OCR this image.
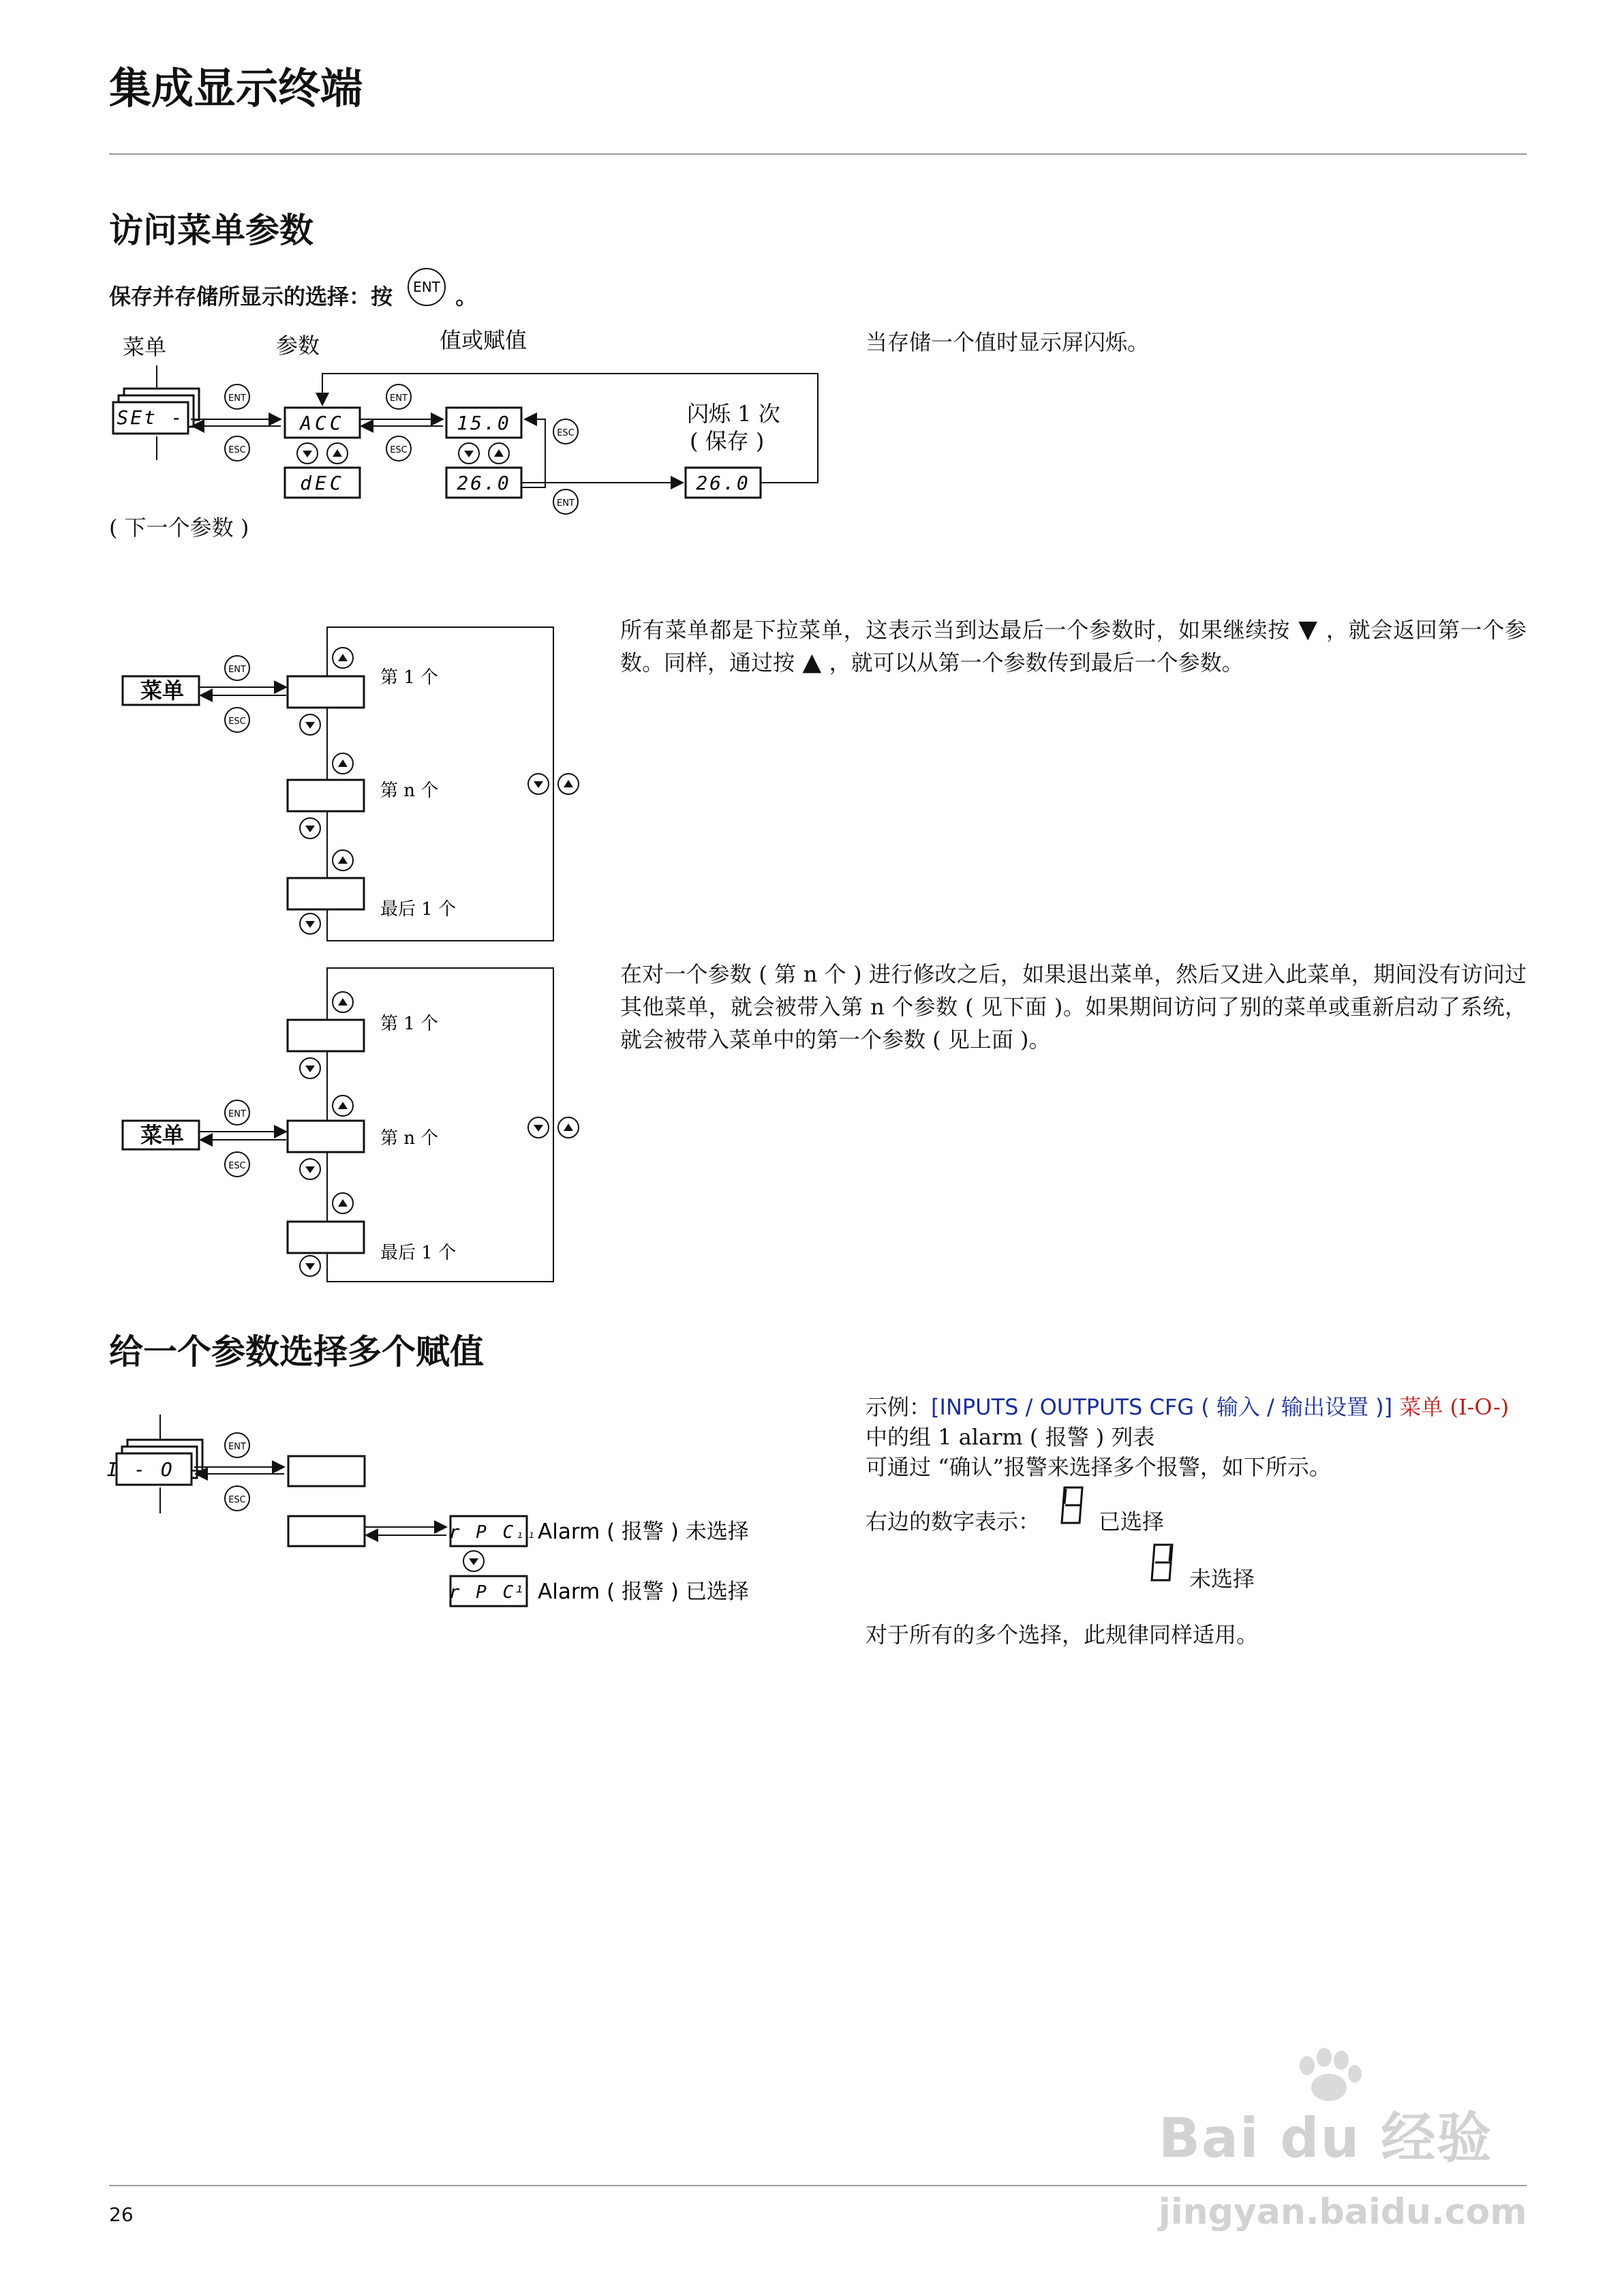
集成显示终端
访问菜单参数
保存并存储所显示的选择：按 ENT 。
菜单	参数	值或赋值
SEt -
ENT
ESC
ACC
dEC
ENT
ESC
15.0
26.0
ESC
ENT
闪烁 1 次
( 保存 )
26.0
( 下一个参数 )
当存储一个值时显示屏闪烁。
菜单
ENT
ESC
第 1 个
第 n 个
最后 1 个
所有菜单都是下拉菜单，这表示当到达最后一个参数时，如果继续按 ▼ ，就会返回第一个参数。同样，通过按 ▲ ，就可以从第一个参数传到最后一个参数。
第 1 个
第 n 个
菜单
ENT
ESC
最后 1 个
在对一个参数 ( 第 n 个 ) 进行修改之后，如果退出菜单，然后又进入此菜单，期间没有访问过其他菜单，就会被带入第 n 个参数 ( 见下面 )。如果期间访问了别的菜单或重新启动了系统，就会被带入菜单中的第一个参数 ( 见上面 )。
给一个参数选择多个赋值
I - O -
ENT
ESC
r P C ı ı
r P C ı'
Alarm ( 报警 ) 未选择
Alarm ( 报警 ) 已选择
示例：[INPUTS / OUTPUTS CFG ( 输入 / 输出设置 )] 菜单 (I-O-)
中的组 1 alarm ( 报警 ) 列表
可通过 “确认”报警来选择多个报警，如下所示。
右边的数字表示：	已选择
未选择
对于所有的多个选择，此规律同样适用。
26
Bai du 经验
jingyan.baidu.com
